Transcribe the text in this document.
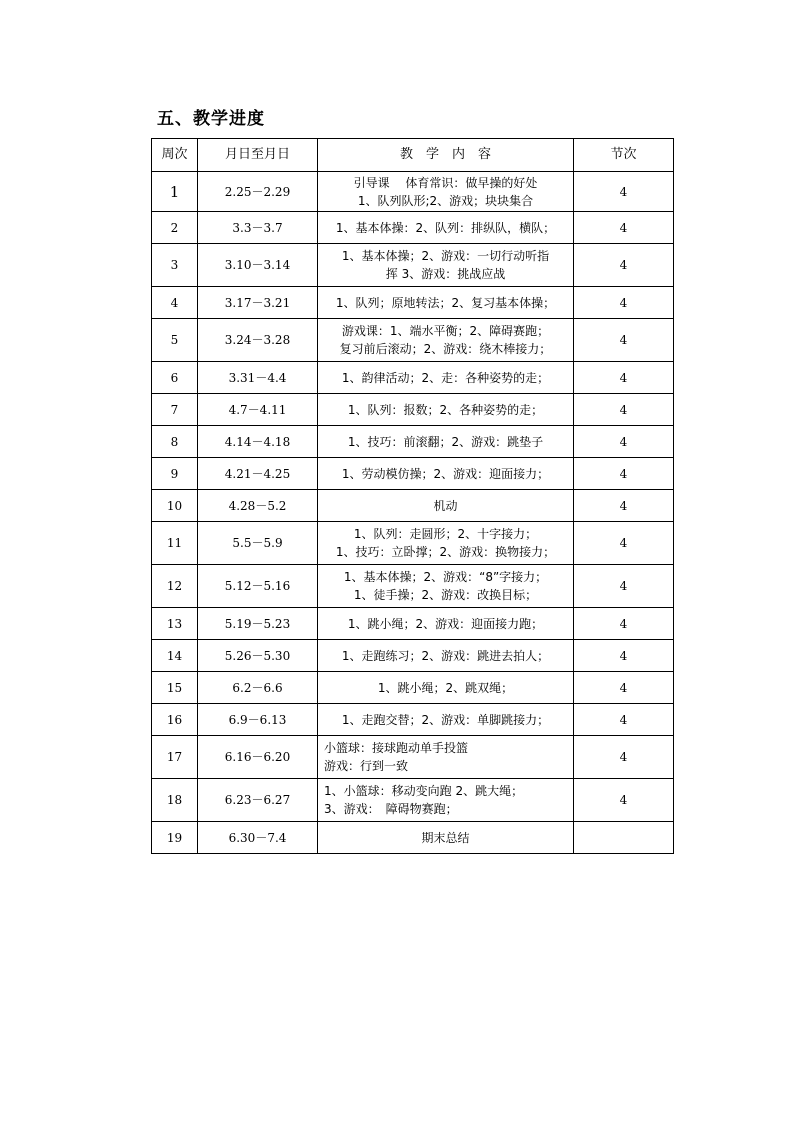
五、教学进度
周次	月日至月日	教　学　内　容	节次
1	2.25－2.29	引导课　 体育常识：做早操的好处
1、队列队形;2、游戏；块块集合	4
2	3.3－3.7	1、基本体操：2、队列：排纵队，横队；	4
3	3.10－3.14	1、基本体操；2、游戏：一切行动听指
挥 3、游戏：挑战应战	4
4	3.17－3.21	1、队列；原地转法；2、复习基本体操；	4
5	3.24－3.28	游戏课：1、端水平衡；2、障碍赛跑；
复习前后滚动；2、游戏：绕木棒接力；	4
6	3.31－4.4	1、韵律活动；2、走：各种姿势的走；	4
7	4.7－4.11	1、队列：报数；2、各种姿势的走；	4
8	4.14－4.18	1、技巧：前滚翻；2、游戏：跳垫子	4
9	4.21－4.25	1、劳动模仿操；2、游戏：迎面接力；	4
10	4.28－5.2	机动	4
11	5.5－5.9	1、队列：走圆形；2、十字接力；
1、技巧：立卧撑；2、游戏：换物接力；	4
12	5.12－5.16	1、基本体操；2、游戏：“8”字接力；
1、徒手操；2、游戏：改换目标；	4
13	5.19－5.23	1、跳小绳；2、游戏：迎面接力跑；	4
14	5.26－5.30	1、走跑练习；2、游戏：跳进去拍人；	4
15	6.2－6.6	1、跳小绳；2、跳双绳；	4
16	6.9－6.13	1、走跑交替；2、游戏：单脚跳接力；	4
17	6.16－6.20	小篮球：接球跑动单手投篮
游戏：行到一致	4
18	6.23－6.27	1、小篮球：移动变向跑 2、跳大绳；
3、游戏：　障碍物赛跑；	4
19	6.30－7.4	期末总结	
